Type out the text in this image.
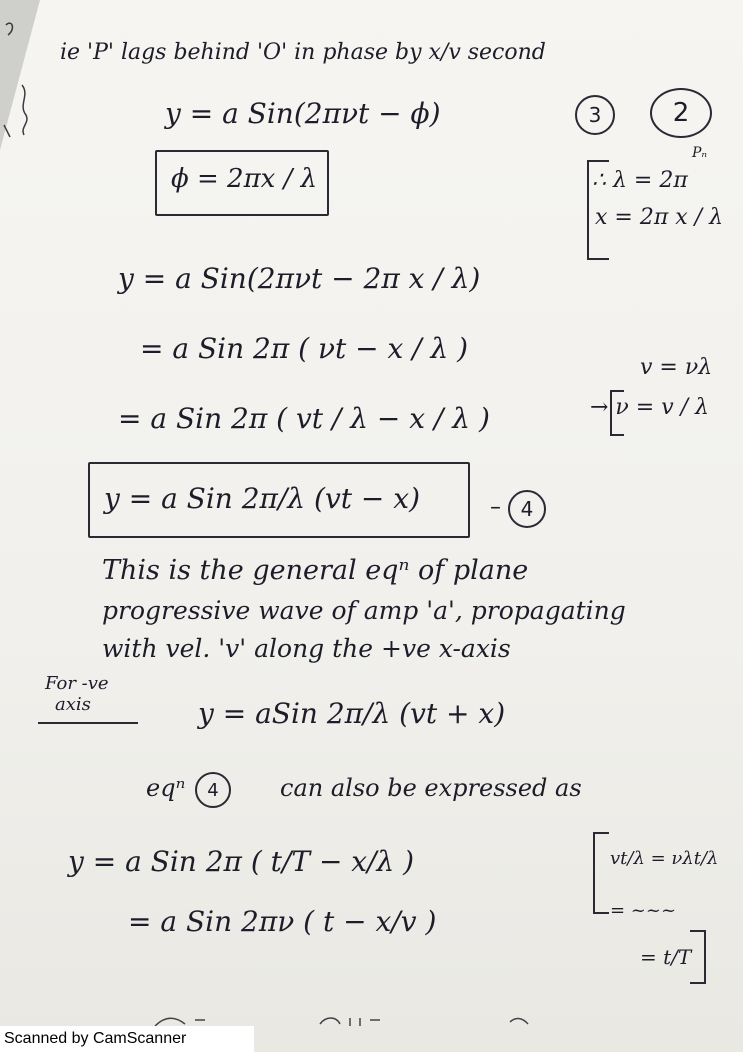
ie 'P' lags behind 'O' in phase by x/v second
y = a Sin(2πνt − ϕ)	3	2
ϕ = 2πx / λ
Pₙ
∴ λ = 2π
x = 2π x / λ
y = a Sin(2πνt − 2π x / λ)
= a Sin 2π ( νt − x / λ )
v = νλ
→ ν = v / λ
= a Sin 2π ( vt / λ − x / λ )
y = a Sin 2π/λ (vt − x)	– 4
This is the general eqⁿ of plane
progressive wave of amp 'a', propagating
with vel. 'v' along the +ve x-axis
For -ve
axis	y = aSin 2π/λ (vt + x)
eqⁿ 4	can also be expressed as
y = a Sin 2π ( t/T − x/λ )
= a Sin 2πν ( t − x/v )
vt/λ = νλt/λ
= ~~~
= t/T
Scanned by CamScanner
